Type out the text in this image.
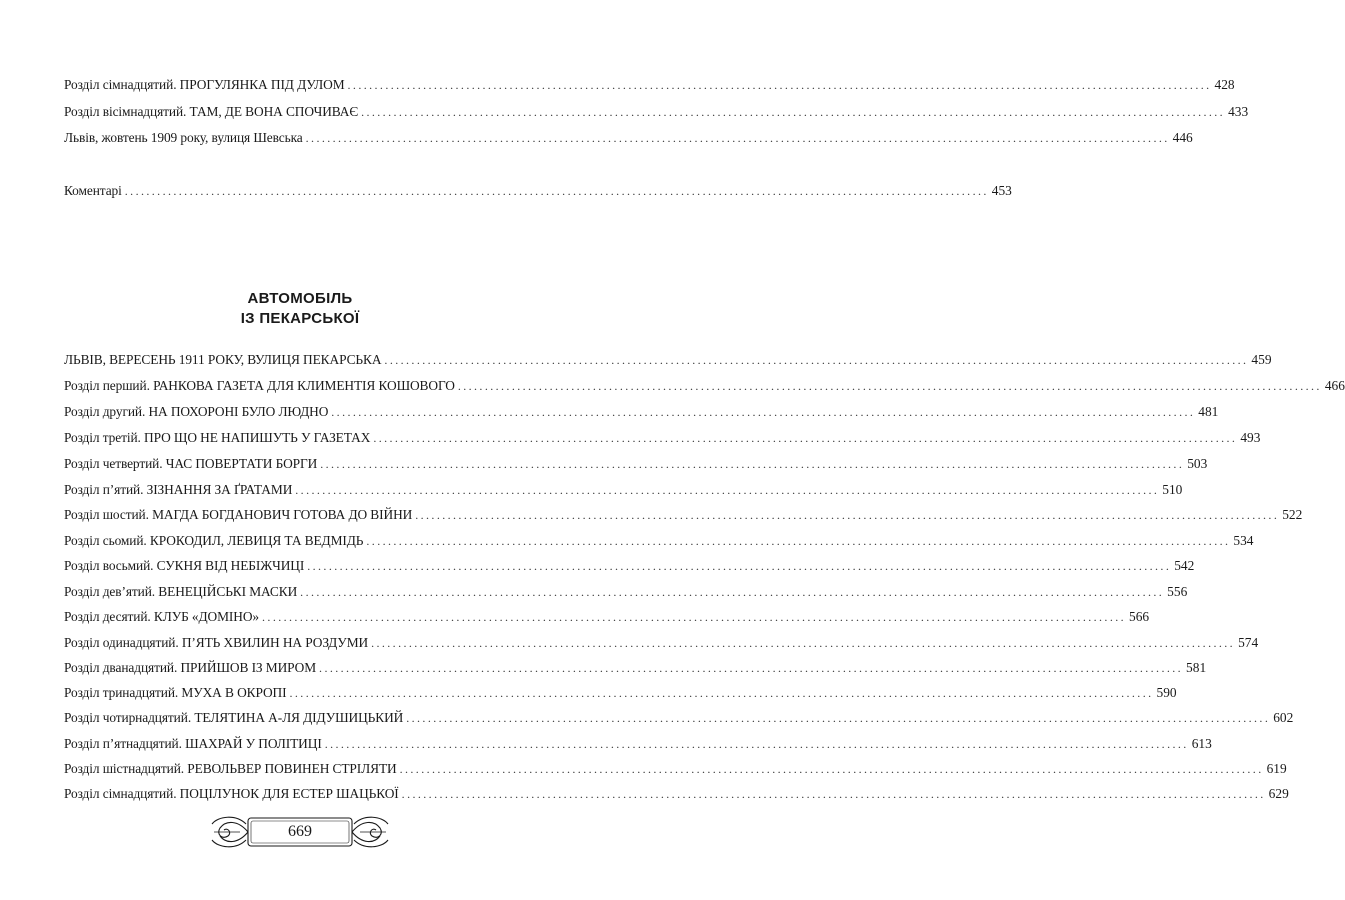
Розділ сімнадцятий. ПРОГУЛЯНКА ПІД ДУЛОМ ................................................................................................................................................................ 428
Розділ вісімнадцятий. ТАМ, ДЕ ВОНА СПОЧИВАЄ ................................................................................................................................................................ 433
Львів, жовтень 1909 року, вулиця Шевська ................................................................................................................................................................ 446
Коментарі ................................................................................................................................................................ 453
АВТОМОБІЛЬ
ІЗ ПЕКАРСЬКОЇ
ЛЬВІВ, ВЕРЕСЕНЬ 1911 РОКУ, ВУЛИЦЯ ПЕКАРСЬКА ................................................................................................................................................................ 459
Розділ перший. РАНКОВА ГАЗЕТА ДЛЯ КЛИМЕНТІЯ КОШОВОГО ................................................................................................................................................................ 466
Розділ другий. НА ПОХОРОНІ БУЛО ЛЮДНО ................................................................................................................................................................ 481
Розділ третій. ПРО ЩО НЕ НАПИШУТЬ У ГАЗЕТАХ ................................................................................................................................................................ 493
Розділ четвертий. ЧАС ПОВЕРТАТИ БОРГИ ................................................................................................................................................................ 503
Розділ п’ятий. ЗІЗНАННЯ ЗА ҐРАТАМИ ................................................................................................................................................................ 510
Розділ шостий. МАГДА БОГДАНОВИЧ ГОТОВА ДО ВІЙНИ ................................................................................................................................................................ 522
Розділ сьомий. КРОКОДИЛ, ЛЕВИЦЯ ТА ВЕДМІДЬ ................................................................................................................................................................ 534
Розділ восьмий. СУКНЯ ВІД НЕБІЖЧИЦІ ................................................................................................................................................................ 542
Розділ дев’ятий. ВЕНЕЦІЙСЬКІ МАСКИ ................................................................................................................................................................ 556
Розділ десятий. КЛУБ «ДОМІНО» ................................................................................................................................................................ 566
Розділ одинадцятий. П’ЯТЬ ХВИЛИН НА РОЗДУМИ ................................................................................................................................................................ 574
Розділ дванадцятий. ПРИЙШОВ ІЗ МИРОМ ................................................................................................................................................................ 581
Розділ тринадцятий. МУХА В ОКРОПІ ................................................................................................................................................................ 590
Розділ чотирнадцятий. ТЕЛЯТИНА А-ЛЯ ДІДУШИЦЬКИЙ ................................................................................................................................................................ 602
Розділ п’ятнадцятий. ШАХРАЙ У ПОЛІТИЦІ ................................................................................................................................................................ 613
Розділ шістнадцятий. РЕВОЛЬВЕР ПОВИНЕН СТРІЛЯТИ ................................................................................................................................................................ 619
Розділ сімнадцятий. ПОЦІЛУНОК ДЛЯ ЕСТЕР ШАЦЬКОЇ ................................................................................................................................................................ 629
669
